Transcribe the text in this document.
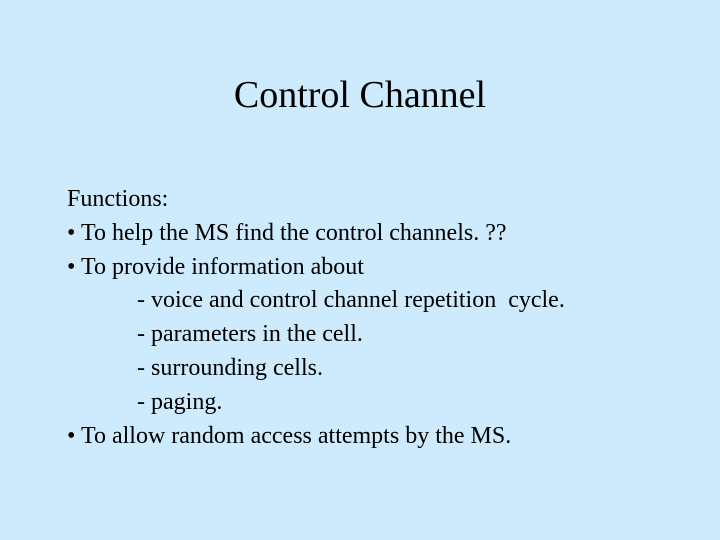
Control Channel
Functions:
• To help the MS find the control channels. ??
• To provide information about
- voice and control channel repetition  cycle.
- parameters in the cell.
- surrounding cells.
- paging.
• To allow random access attempts by the MS.
